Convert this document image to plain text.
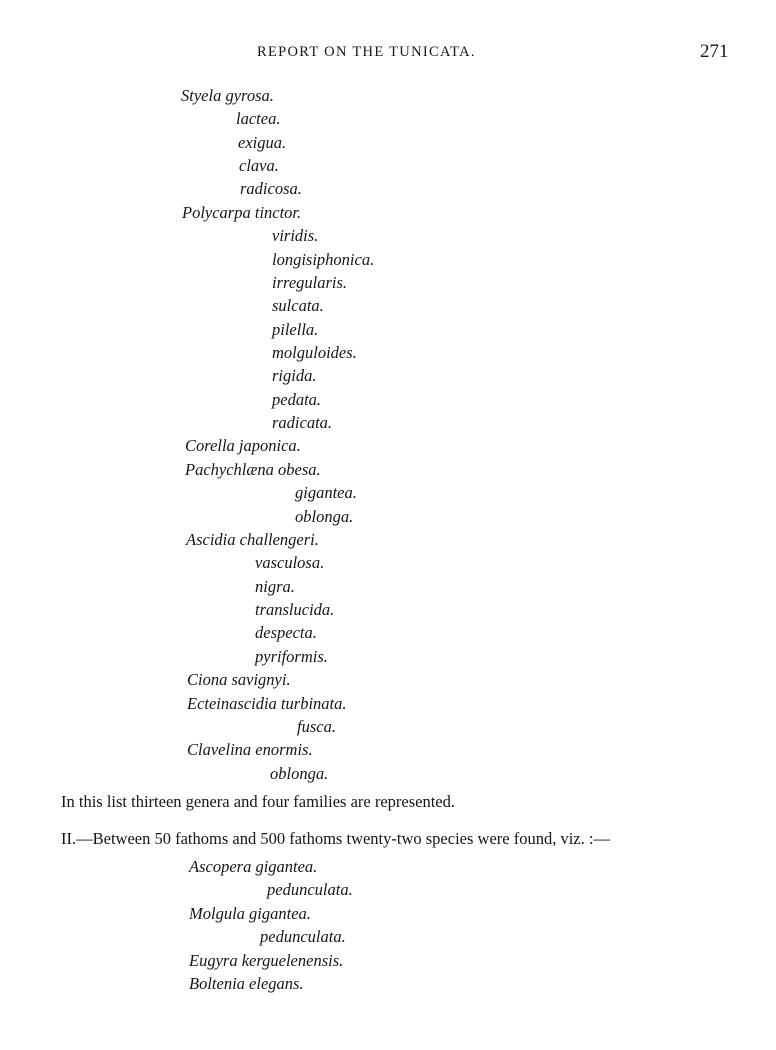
REPORT ON THE TUNICATA.	271
Styela gyrosa.
lactea.
exigua.
clava.
radicosa.
Polycarpa tinctor.
viridis.
longisiphonica.
irregularis.
sulcata.
pilella.
molguloides.
rigida.
pedata.
radicata.
Corella japonica.
Pachychlæna obesa.
gigantea.
oblonga.
Ascidia challengeri.
vasculosa.
nigra.
translucida.
despecta.
pyriformis.
Ciona savignyi.
Ecteinascidia turbinata.
fusca.
Clavelina enormis.
oblonga.
In this list thirteen genera and four families are represented.
II.—Between 50 fathoms and 500 fathoms twenty-two species were found, viz. :—
Ascopera gigantea.
pedunculata.
Molgula gigantea.
pedunculata.
Eugyra kerguelenensis.
Boltenia elegans.
